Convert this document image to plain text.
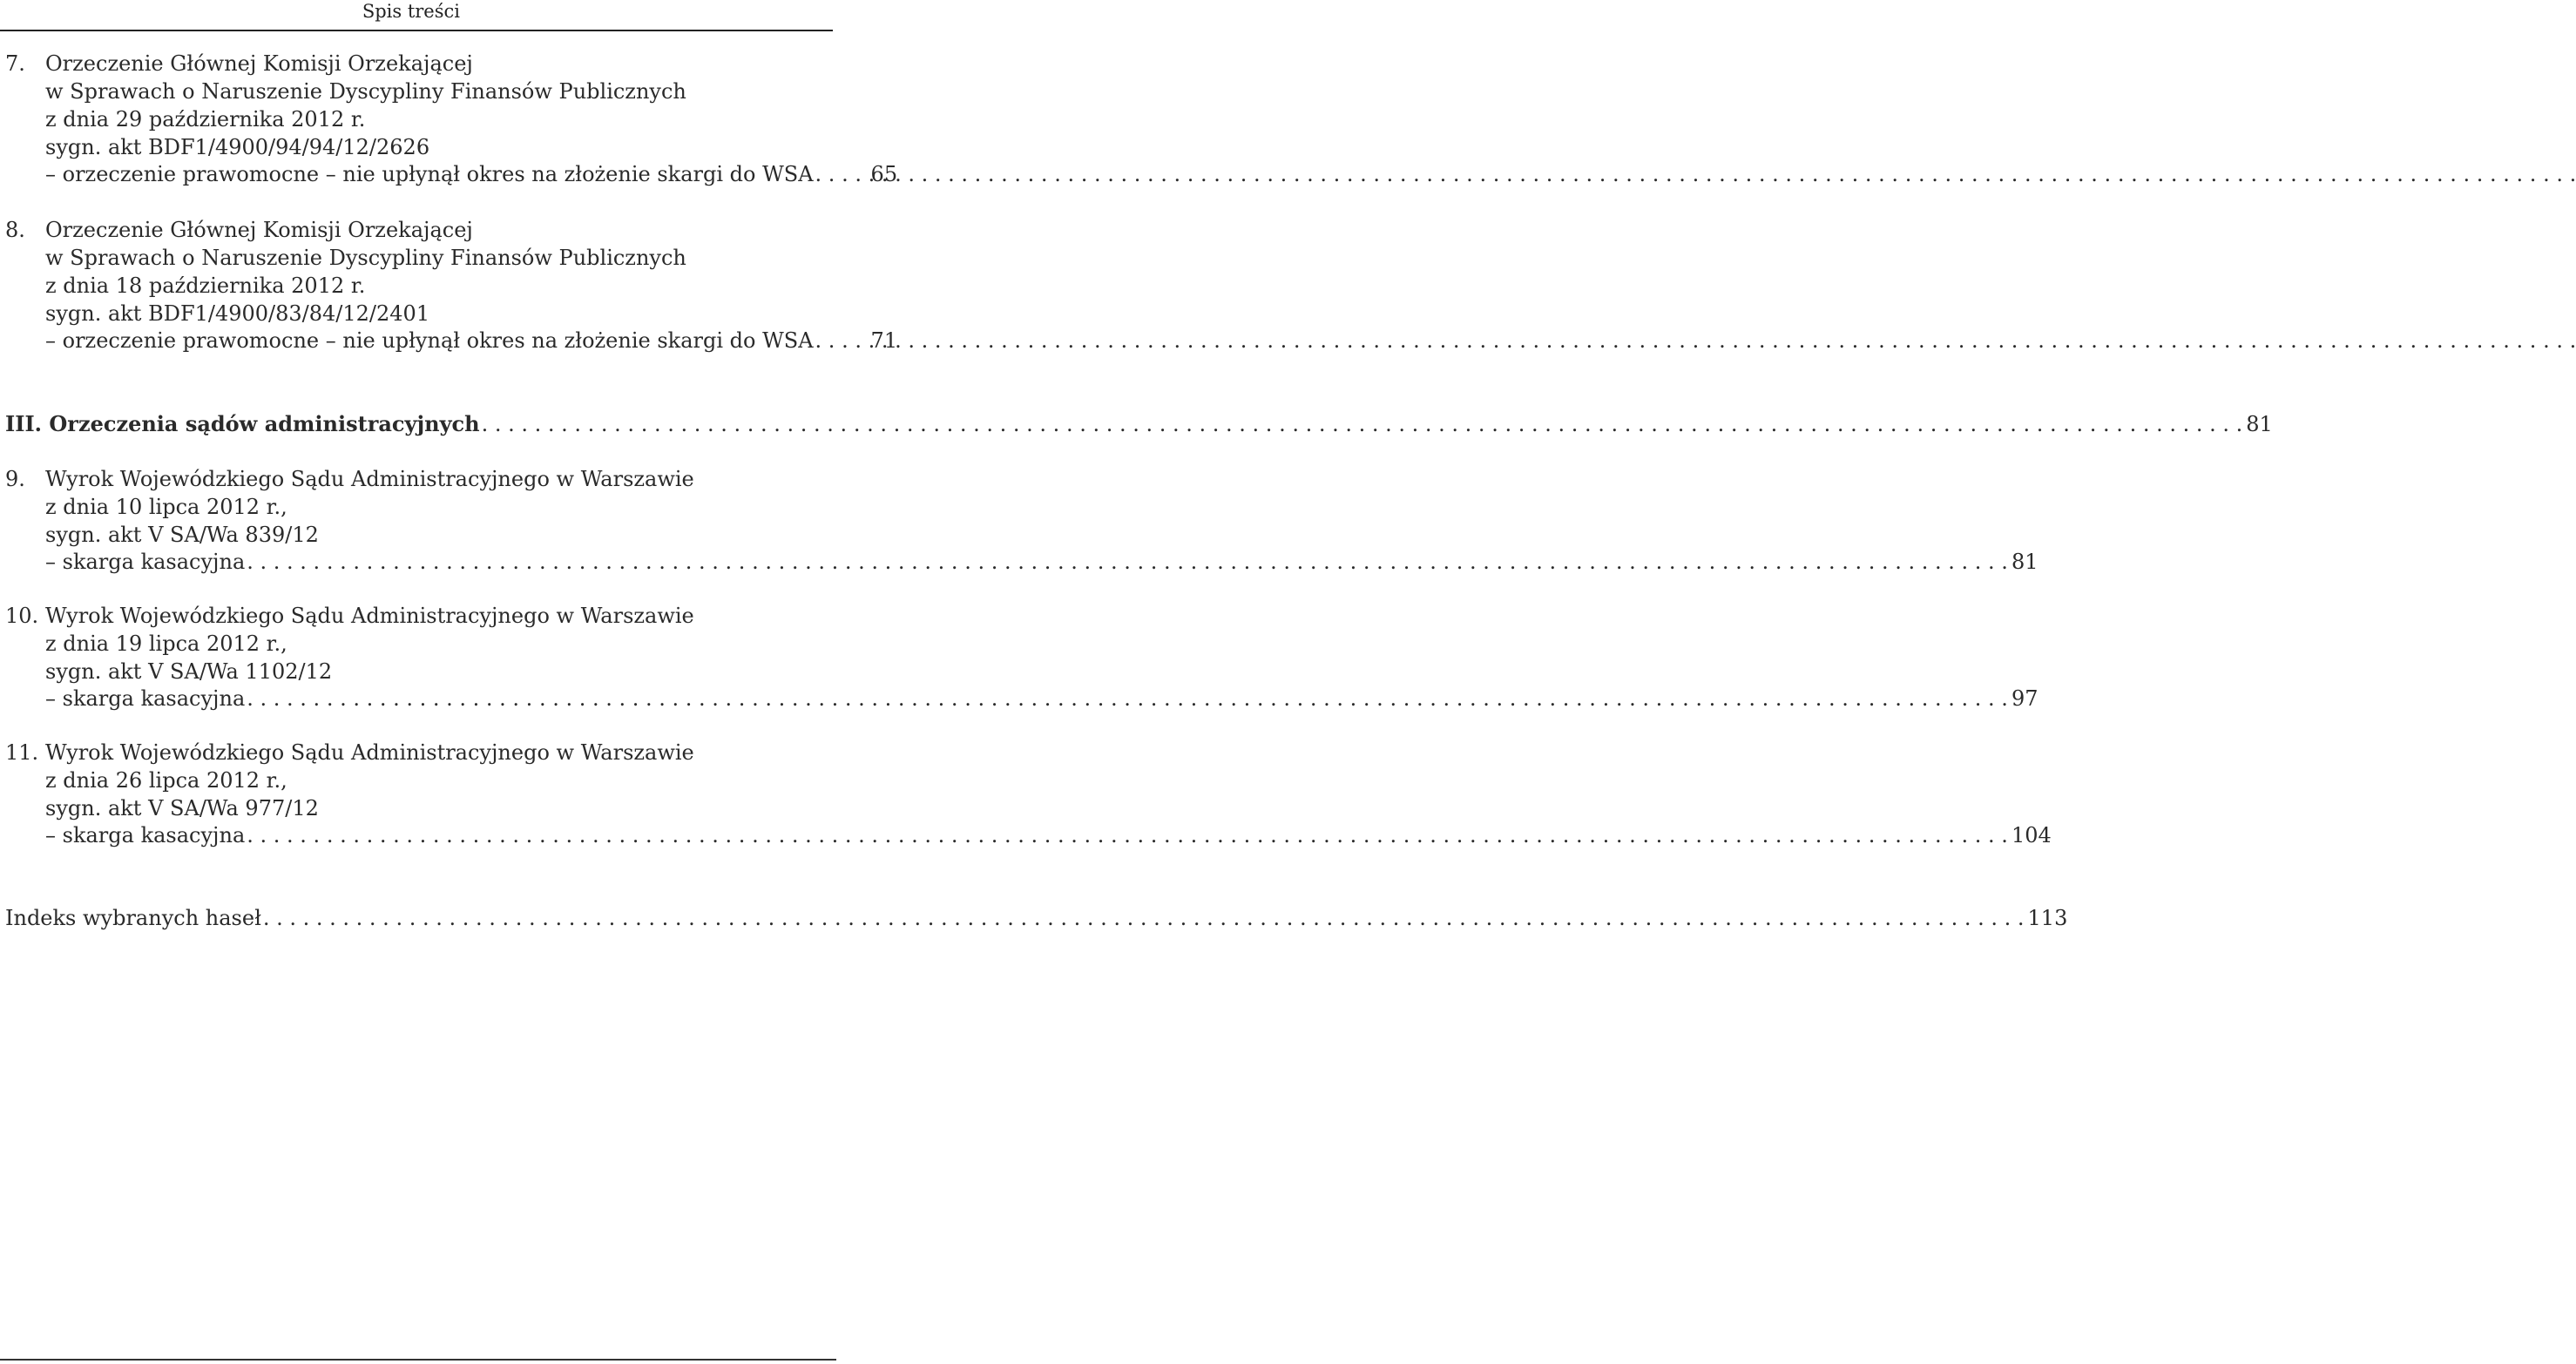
Spis treści
7. Orzeczenie Głównej Komisji Orzekającej
w Sprawach o Naruszenie Dyscypliny Finansów Publicznych
z dnia 29 października 2012 r.
sygn. akt BDF1/4900/94/94/12/2626
– orzeczenie prawomocne – nie upłynął okres na złożenie skargi do WSA . . .	65
8. Orzeczenie Głównej Komisji Orzekającej
w Sprawach o Naruszenie Dyscypliny Finansów Publicznych
z dnia 18 października 2012 r.
sygn. akt BDF1/4900/83/84/12/2401
– orzeczenie prawomocne – nie upłynął okres na złożenie skargi do WSA . . .	71
III. Orzeczenia sądów administracyjnych . . .	81
9. Wyrok Wojewódzkiego Sądu Administracyjnego w Warszawie
z dnia 10 lipca 2012 r.,
sygn. akt V SA/Wa 839/12
– skarga kasacyjna . . .	81
10. Wyrok Wojewódzkiego Sądu Administracyjnego w Warszawie
z dnia 19 lipca 2012 r.,
sygn. akt V SA/Wa 1102/12
– skarga kasacyjna . . .	97
11. Wyrok Wojewódzkiego Sądu Administracyjnego w Warszawie
z dnia 26 lipca 2012 r.,
sygn. akt V SA/Wa 977/12
– skarga kasacyjna . . .	104
Indeks wybranych haseł . . .	113
